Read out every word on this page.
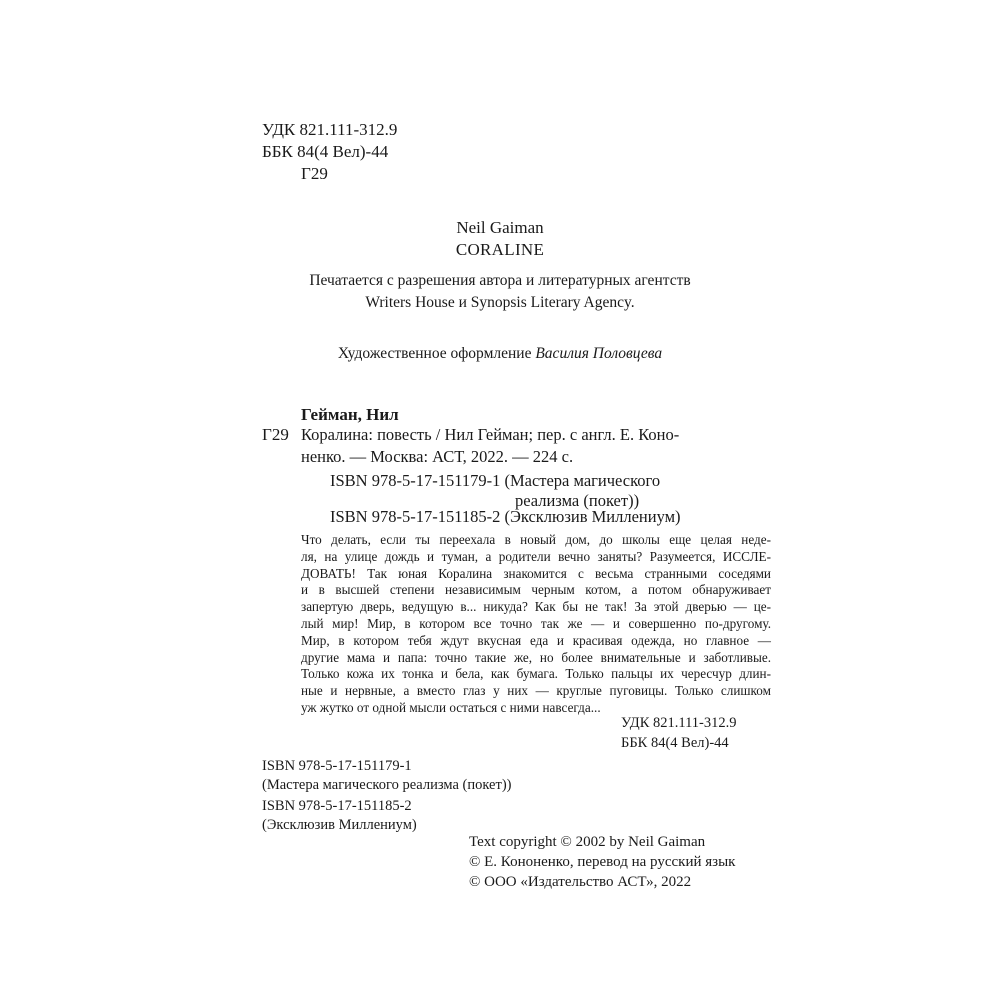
УДК 821.111-312.9
ББК 84(4 Вел)-44
Г29
Neil Gaiman
CORALINE
Печатается с разрешения автора и литературных агентств
Writers House и Synopsis Literary Agency.
Художественное оформление Василия Половцева
Гейман, Нил
Г29 Коралина: повесть / Нил Гейман; пер. с англ. Е. Коно-
ненко. — Москва: АСТ, 2022. — 224 с.
ISBN 978-5-17-151179-1 (Мастера магического
реализма (покет))
ISBN 978-5-17-151185-2 (Эксклюзив Миллениум)
Что делать, если ты переехала в новый дом, до школы еще целая неде-
ля, на улице дождь и туман, а родители вечно заняты? Разумеется, ИССЛЕ-
ДОВАТЬ! Так юная Коралина знакомится с весьма странными соседями
и в высшей степени независимым черным котом, а потом обнаруживает
запертую дверь, ведущую в... никуда? Как бы не так! За этой дверью — це-
лый мир! Мир, в котором все точно так же — и совершенно по-другому.
Мир, в котором тебя ждут вкусная еда и красивая одежда, но главное —
другие мама и папа: точно такие же, но более внимательные и заботливые.
Только кожа их тонка и бела, как бумага. Только пальцы их чересчур длин-
ные и нервные, а вместо глаз у них — круглые пуговицы. Только слишком
уж жутко от одной мысли остаться с ними навсегда...
УДК 821.111-312.9
ББК 84(4 Вел)-44
ISBN 978-5-17-151179-1
(Мастера магического реализма (покет))
ISBN 978-5-17-151185-2
(Эксклюзив Миллениум)
Text copyright © 2002 by Neil Gaiman
© Е. Кононенко, перевод на русский язык
© ООО «Издательство АСТ», 2022
